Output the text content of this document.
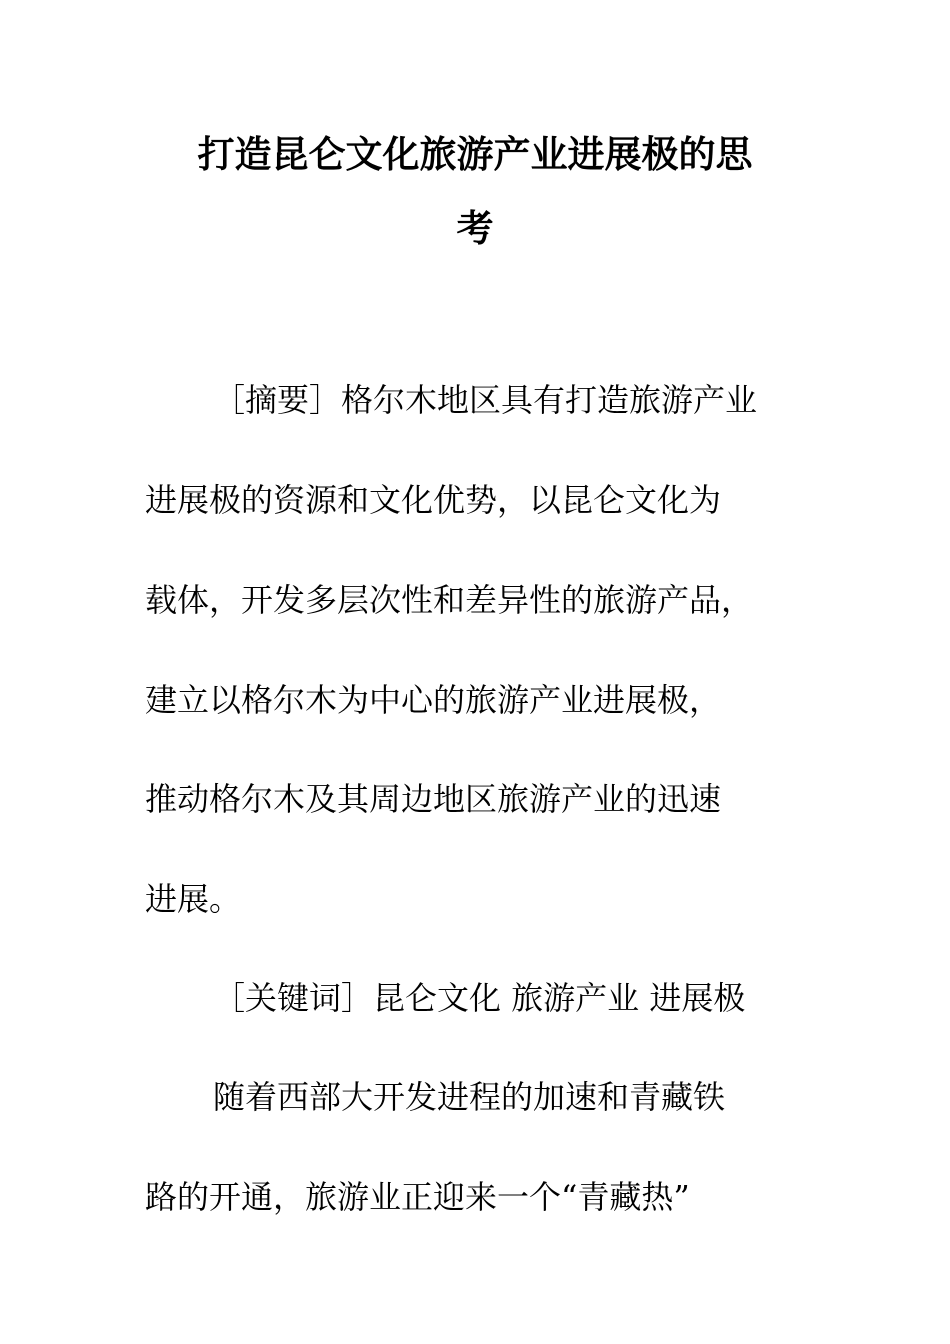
打造昆仑文化旅游产业进展极的思
考
［摘要］格尔木地区具有打造旅游产业
进展极的资源和文化优势，以昆仑文化为
载体，开发多层次性和差异性的旅游产品，
建立以格尔木为中心的旅游产业进展极，
推动格尔木及其周边地区旅游产业的迅速
进展。
［关键词］昆仑文化 旅游产业 进展极
随着西部大开发进程的加速和青藏铁
路的开通，旅游业正迎来一个“青藏热”
